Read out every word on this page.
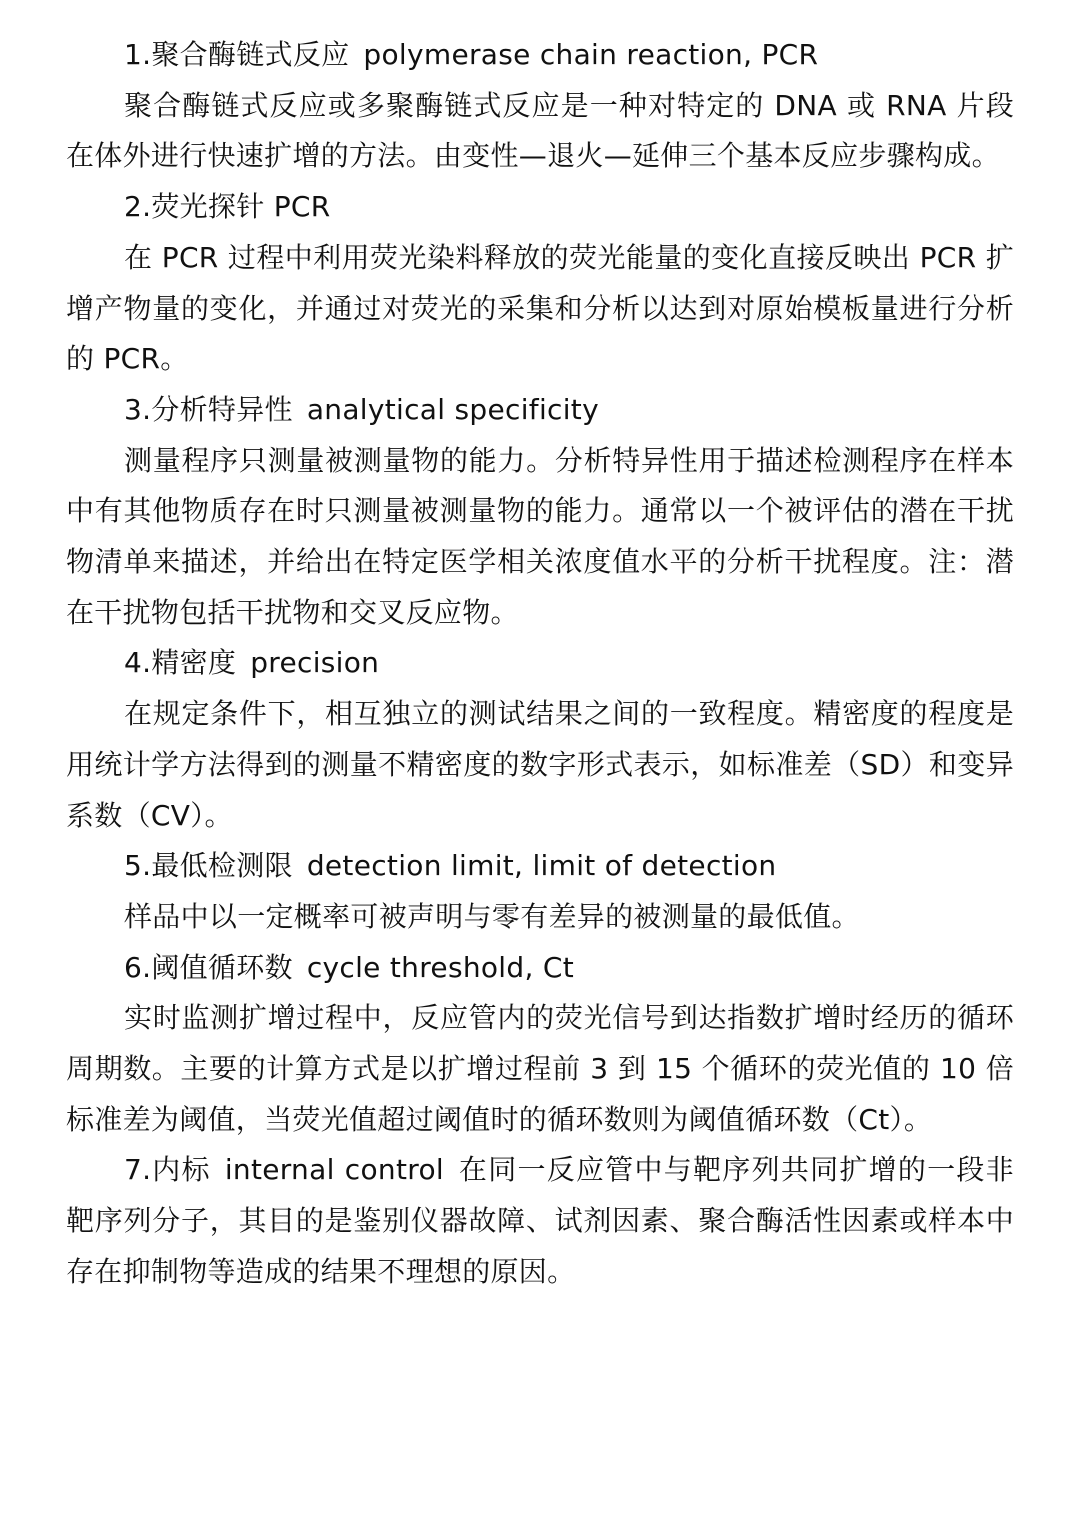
1.聚合酶链式反应 polymerase chain reaction, PCR

聚合酶链式反应或多聚酶链式反应是一种对特定的 DNA 或 RNA 片段在体外进行快速扩增的方法。由变性—退火—延伸三个基本反应步骤构成。

2.荧光探针 PCR

在 PCR 过程中利用荧光染料释放的荧光能量的变化直接反映出 PCR 扩增产物量的变化，并通过对荧光的采集和分析以达到对原始模板量进行分析的 PCR。

3.分析特异性 analytical specificity

测量程序只测量被测量物的能力。分析特异性用于描述检测程序在样本中有其他物质存在时只测量被测量物的能力。通常以一个被评估的潜在干扰物清单来描述，并给出在特定医学相关浓度值水平的分析干扰程度。注：潜在干扰物包括干扰物和交叉反应物。

4.精密度 precision

在规定条件下，相互独立的测试结果之间的一致程度。精密度的程度是用统计学方法得到的测量不精密度的数字形式表示，如标准差（SD）和变异系数（CV）。

5.最低检测限 detection limit, limit of detection

样品中以一定概率可被声明与零有差异的被测量的最低值。

6.阈值循环数 cycle threshold, Ct

实时监测扩增过程中，反应管内的荧光信号到达指数扩增时经历的循环周期数。主要的计算方式是以扩增过程前 3 到 15 个循环的荧光值的 10 倍标准差为阈值，当荧光值超过阈值时的循环数则为阈值循环数（Ct）。

7.内标 internal control 在同一反应管中与靶序列共同扩增的一段非靶序列分子，其目的是鉴别仪器故障、试剂因素、聚合酶活性因素或样本中存在抑制物等造成的结果不理想的原因。
